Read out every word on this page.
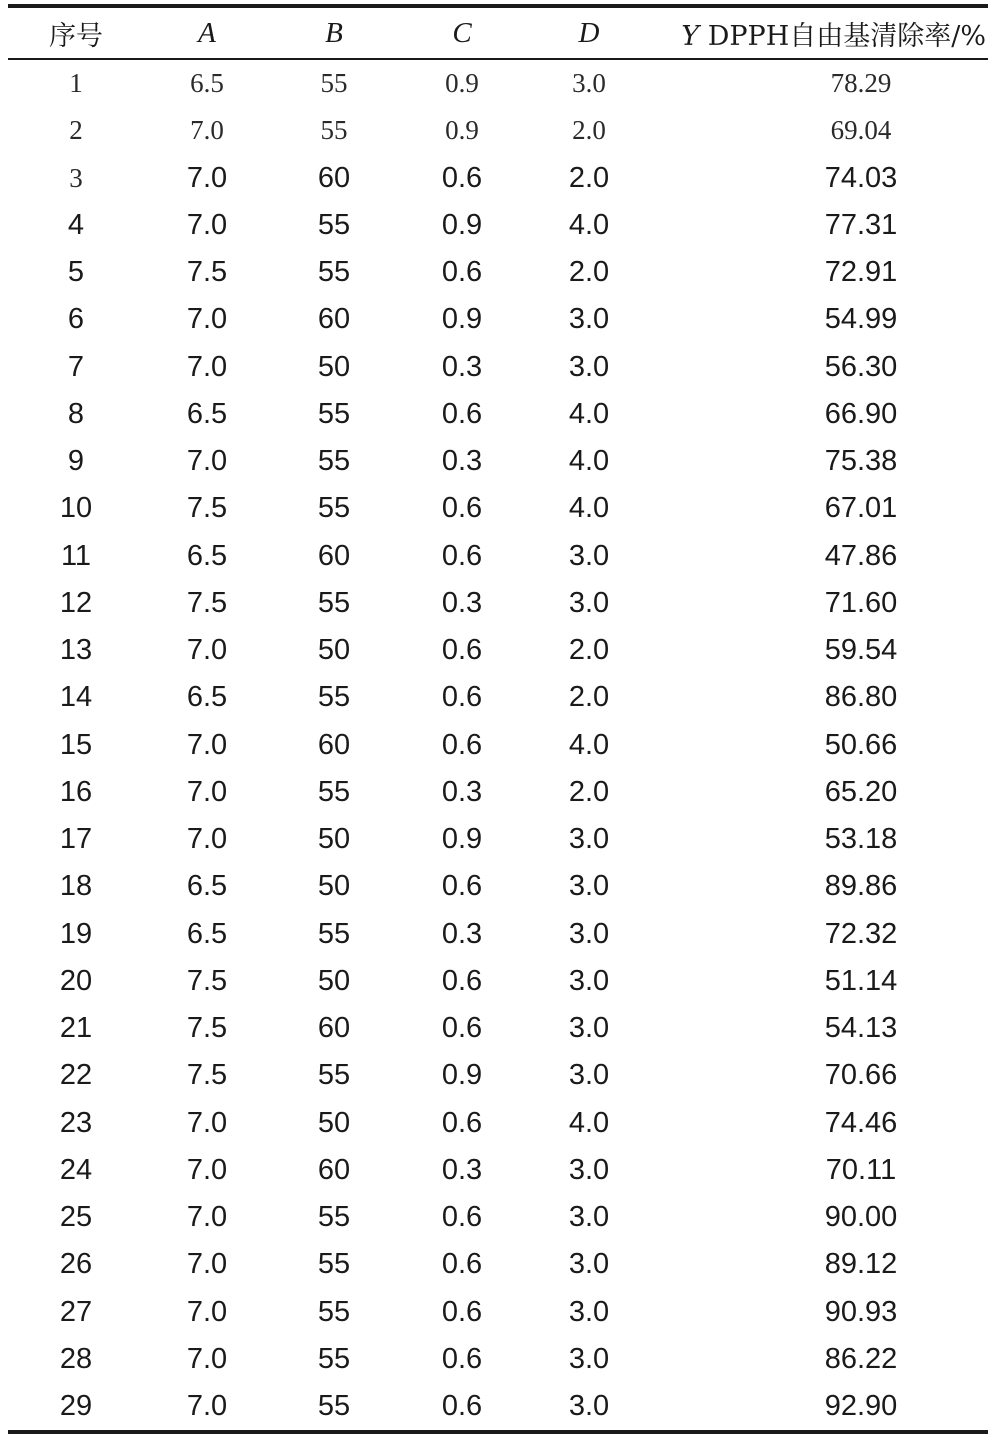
序号	A	B	C	D	Y DPPH自由基清除率/%
1	6.5	55	0.9	3.0	78.29
2	7.0	55	0.9	2.0	69.04
3	7.0	60	0.6	2.0	74.03
4	7.0	55	0.9	4.0	77.31
5	7.5	55	0.6	2.0	72.91
6	7.0	60	0.9	3.0	54.99
7	7.0	50	0.3	3.0	56.30
8	6.5	55	0.6	4.0	66.90
9	7.0	55	0.3	4.0	75.38
10	7.5	55	0.6	4.0	67.01
11	6.5	60	0.6	3.0	47.86
12	7.5	55	0.3	3.0	71.60
13	7.0	50	0.6	2.0	59.54
14	6.5	55	0.6	2.0	86.80
15	7.0	60	0.6	4.0	50.66
16	7.0	55	0.3	2.0	65.20
17	7.0	50	0.9	3.0	53.18
18	6.5	50	0.6	3.0	89.86
19	6.5	55	0.3	3.0	72.32
20	7.5	50	0.6	3.0	51.14
21	7.5	60	0.6	3.0	54.13
22	7.5	55	0.9	3.0	70.66
23	7.0	50	0.6	4.0	74.46
24	7.0	60	0.3	3.0	70.11
25	7.0	55	0.6	3.0	90.00
26	7.0	55	0.6	3.0	89.12
27	7.0	55	0.6	3.0	90.93
28	7.0	55	0.6	3.0	86.22
29	7.0	55	0.6	3.0	92.90
